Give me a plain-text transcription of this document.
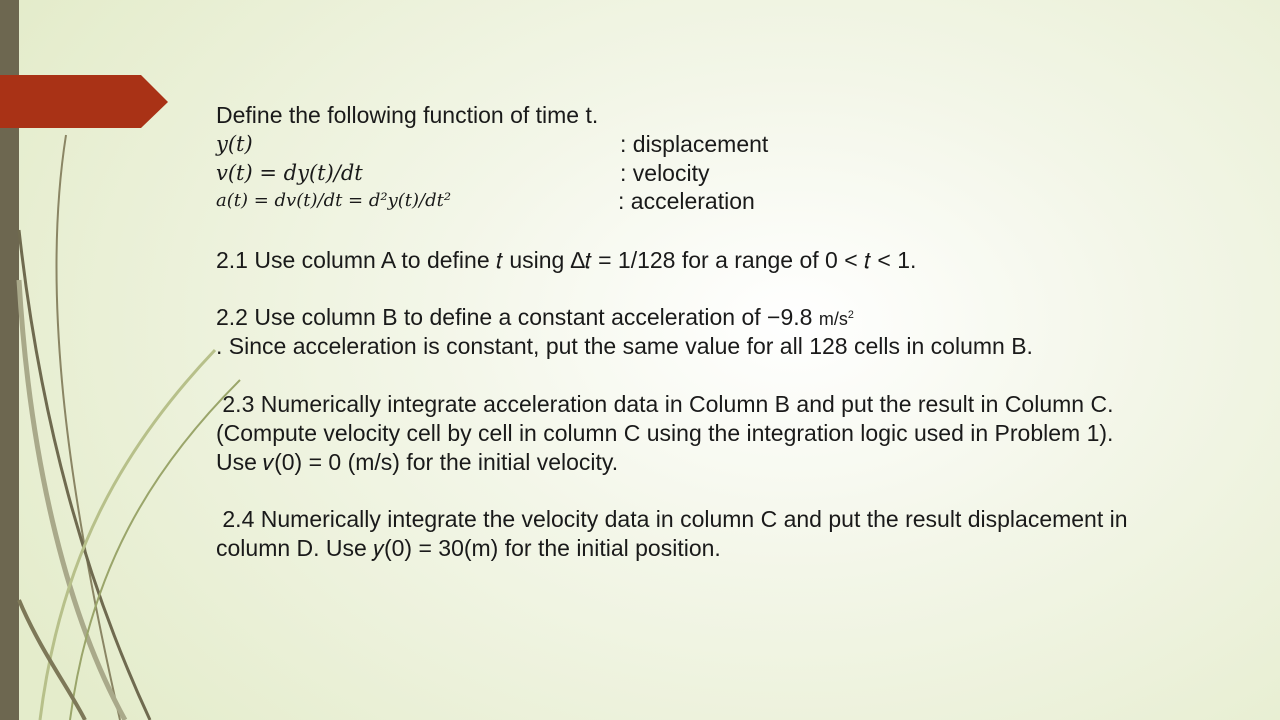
Define the following function of time t.
𝑦(𝑡)	: displacement
𝑣(𝑡) = 𝑑𝑦(𝑡)/𝑑𝑡	: velocity
a(𝑡) = 𝑑𝑣(𝑡)/𝑑𝑡 = 𝑑²𝑦(𝑡)/𝑑𝑡²	: acceleration
2.1 Use column A to define 𝑡 using ∆𝑡 = 1/128 for a range of 0 < 𝑡 < 1.
2.2 Use column B to define a constant acceleration of −9.8 $m/s^2$
. Since acceleration is constant, put the same value for all 128 cells in column B.
2.3 Numerically integrate acceleration data in Column B and put the result in Column C.
(Compute velocity cell by cell in column C using the integration logic used in Problem 1).
Use 𝑣(0) = 0 (m/s) for the initial velocity.
2.4 Numerically integrate the velocity data in column C and put the result displacement in
column D. Use 𝑦(0) = 30(m) for the initial position.
